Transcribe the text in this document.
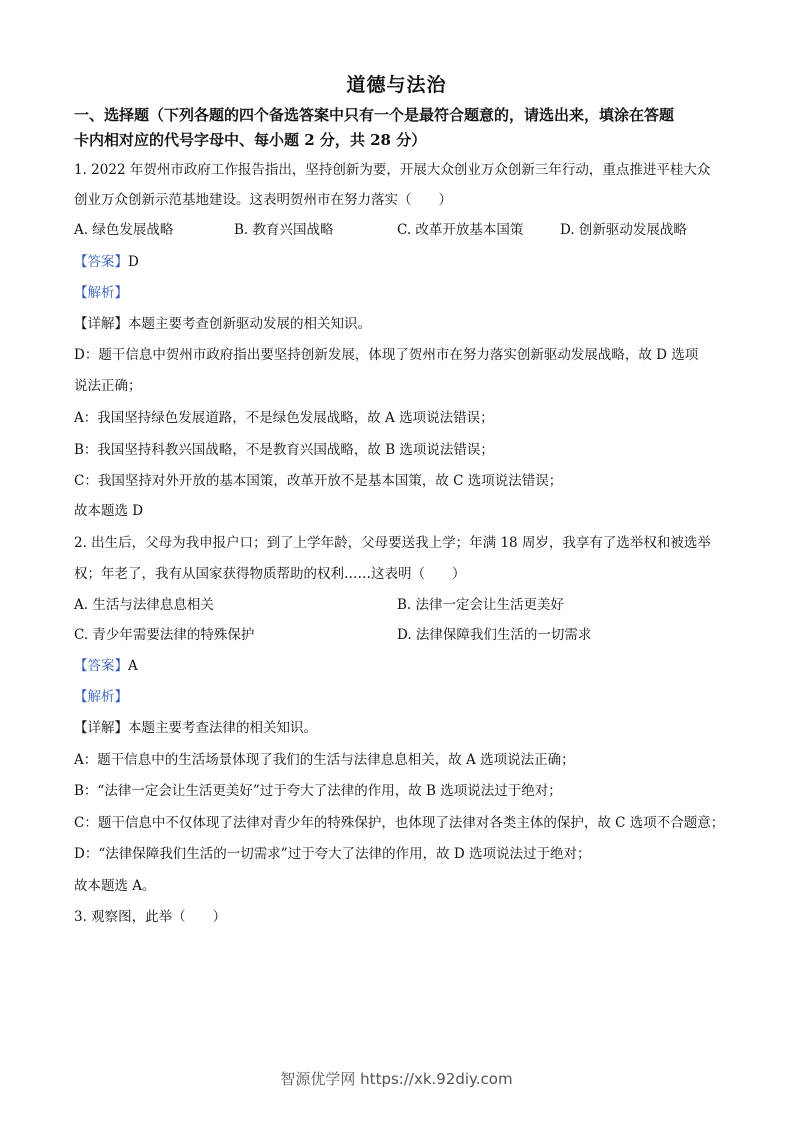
道德与法治
一、选择题（下列各题的四个备选答案中只有一个是最符合题意的，请选出来，填涂在答题
卡内相对应的代号字母中、每小题 2 分，共 28 分）
1. 2022 年贺州市政府工作报告指出，坚持创新为要，开展大众创业万众创新三年行动，重点推进平桂大众
创业万众创新示范基地建设。这表明贺州市在努力落实（　　）
A. 绿色发展战略	B. 教育兴国战略	C. 改革开放基本国策	D. 创新驱动发展战略
【答案】D
【解析】
【详解】本题主要考查创新驱动发展的相关知识。
D：题干信息中贺州市政府指出要坚持创新发展，体现了贺州市在努力落实创新驱动发展战略，故 D 选项
说法正确；
A：我国坚持绿色发展道路，不是绿色发展战略，故 A 选项说法错误；
B：我国坚持科教兴国战略，不是教育兴国战略，故 B 选项说法错误；
C：我国坚持对外开放的基本国策，改革开放不是基本国策，故 C 选项说法错误；
故本题选 D
2. 出生后，父母为我申报户口；到了上学年龄，父母要送我上学；年满 18 周岁，我享有了选举权和被选举
权；年老了，我有从国家获得物质帮助的权利……这表明（　　）
A. 生活与法律息息相关	B. 法律一定会让生活更美好
C. 青少年需要法律的特殊保护	D. 法律保障我们生活的一切需求
【答案】A
【解析】
【详解】本题主要考查法律的相关知识。
A：题干信息中的生活场景体现了我们的生活与法律息息相关，故 A 选项说法正确；
B：“法律一定会让生活更美好”过于夸大了法律的作用，故 B 选项说法过于绝对；
C：题干信息中不仅体现了法律对青少年的特殊保护，也体现了法律对各类主体的保护，故 C 选项不合题意；
D：“法律保障我们生活的一切需求”过于夸大了法律的作用，故 D 选项说法过于绝对；
故本题选 A。
3. 观察图，此举（　　）
智源优学网 https://xk.92diy.com
